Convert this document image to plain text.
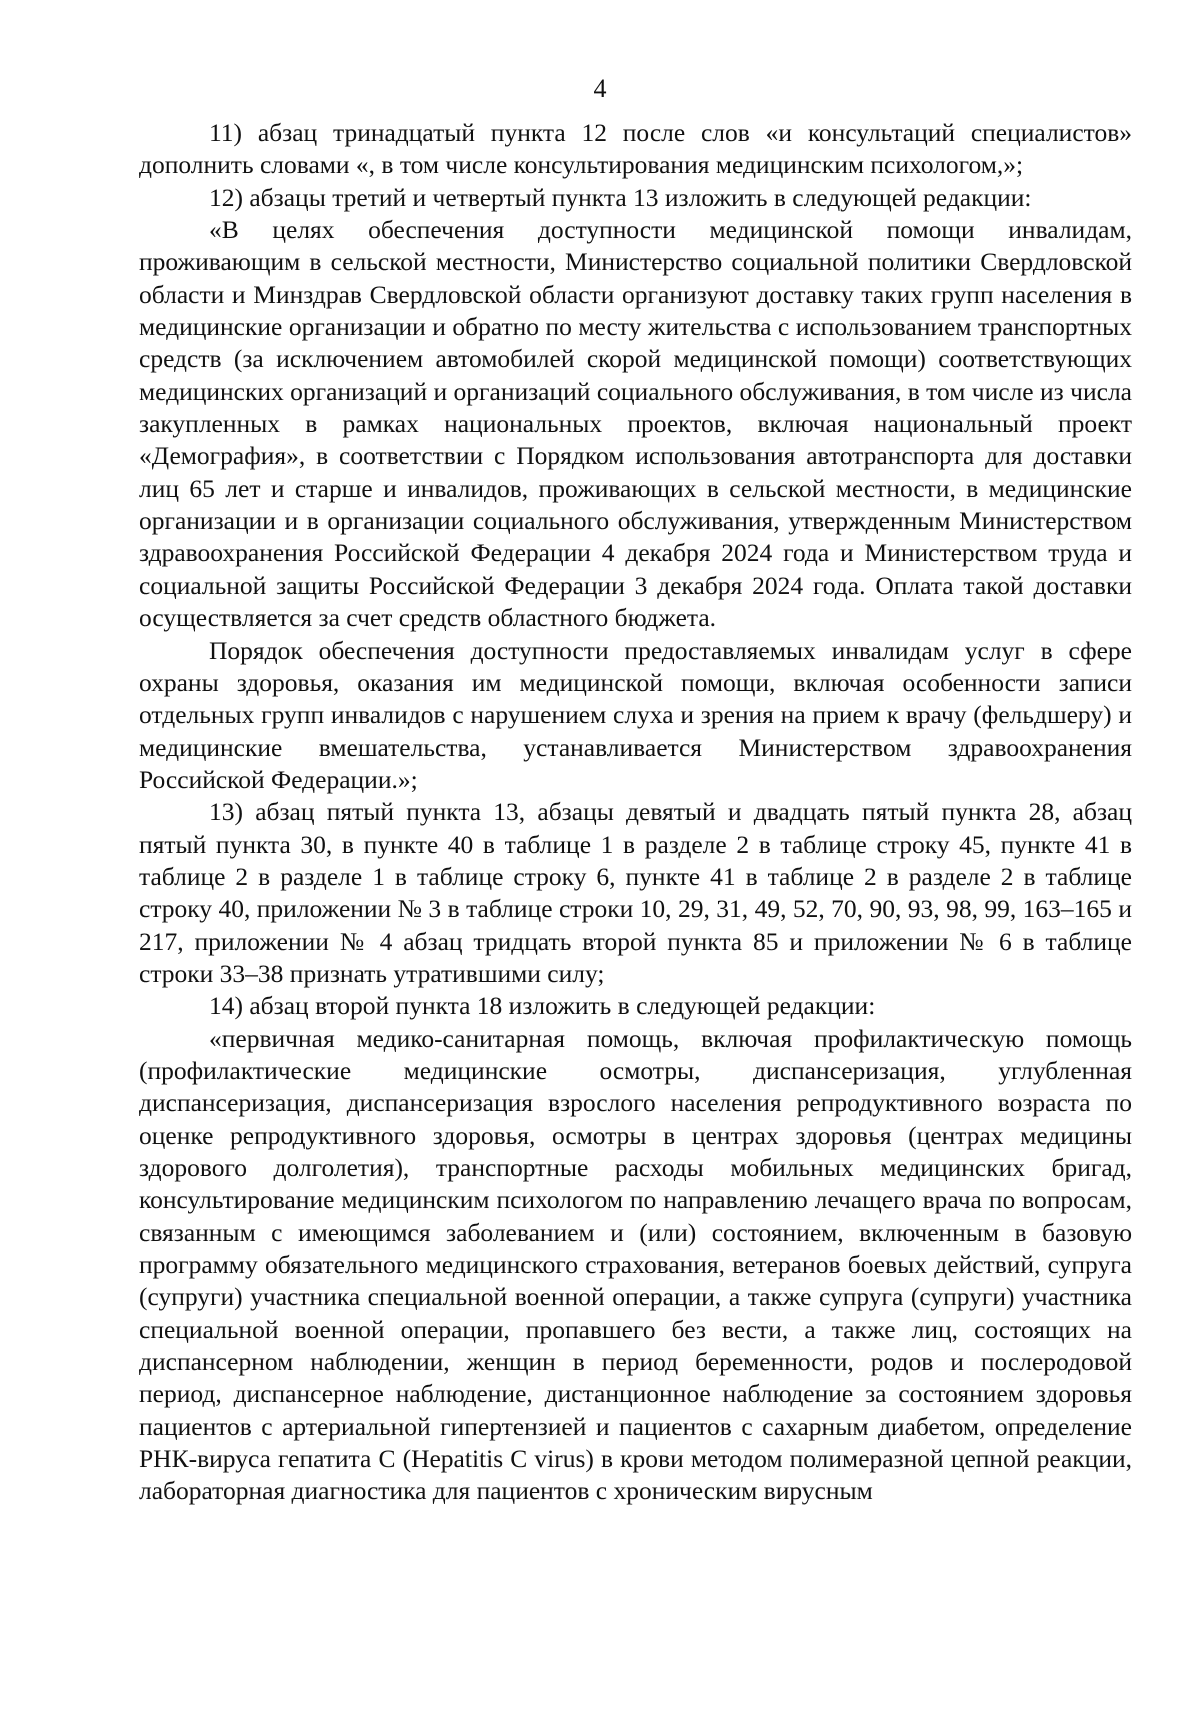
4

11) абзац тринадцатый пункта 12 после слов «и консультаций специалистов» дополнить словами «, в том числе консультирования медицинским психологом,»;

12) абзацы третий и четвертый пункта 13 изложить в следующей редакции:

«В целях обеспечения доступности медицинской помощи инвалидам, проживающим в сельской местности, Министерство социальной политики Свердловской области и Минздрав Свердловской области организуют доставку таких групп населения в медицинские организации и обратно по месту жительства с использованием транспортных средств (за исключением автомобилей скорой медицинской помощи) соответствующих медицинских организаций и организаций социального обслуживания, в том числе из числа закупленных в рамках национальных проектов, включая национальный проект «Демография», в соответствии с Порядком использования автотранспорта для доставки лиц 65 лет и старше и инвалидов, проживающих в сельской местности, в медицинские организации и в организации социального обслуживания, утвержденным Министерством здравоохранения Российской Федерации 4 декабря 2024 года и Министерством труда и социальной защиты Российской Федерации 3 декабря 2024 года. Оплата такой доставки осуществляется за счет средств областного бюджета.

Порядок обеспечения доступности предоставляемых инвалидам услуг в сфере охраны здоровья, оказания им медицинской помощи, включая особенности записи отдельных групп инвалидов с нарушением слуха и зрения на прием к врачу (фельдшеру) и медицинские вмешательства, устанавливается Министерством здравоохранения Российской Федерации.»;

13) абзац пятый пункта 13, абзацы девятый и двадцать пятый пункта 28, абзац пятый пункта 30, в пункте 40 в таблице 1 в разделе 2 в таблице строку 45, пункте 41 в таблице 2 в разделе 1 в таблице строку 6, пункте 41 в таблице 2 в разделе 2 в таблице строку 40, приложении № 3 в таблице строки 10, 29, 31, 49, 52, 70, 90, 93, 98, 99, 163–165 и 217, приложении № 4 абзац тридцать второй пункта 85 и приложении № 6 в таблице строки 33–38 признать утратившими силу;

14) абзац второй пункта 18 изложить в следующей редакции:

«первичная медико-санитарная помощь, включая профилактическую помощь (профилактические медицинские осмотры, диспансеризация, углубленная диспансеризация, диспансеризация взрослого населения репродуктивного возраста по оценке репродуктивного здоровья, осмотры в центрах здоровья (центрах медицины здорового долголетия), транспортные расходы мобильных медицинских бригад, консультирование медицинским психологом по направлению лечащего врача по вопросам, связанным с имеющимся заболеванием и (или) состоянием, включенным в базовую программу обязательного медицинского страхования, ветеранов боевых действий, супруга (супруги) участника специальной военной операции, а также супруга (супруги) участника специальной военной операции, пропавшего без вести, а также лиц, состоящих на диспансерном наблюдении, женщин в период беременности, родов и послеродовой период, диспансерное наблюдение, дистанционное наблюдение за состоянием здоровья пациентов с артериальной гипертензией и пациентов с сахарным диабетом, определение РНК-вируса гепатита C (Hepatitis C virus) в крови методом полимеразной цепной реакции, лабораторная диагностика для пациентов с хроническим вирусным
